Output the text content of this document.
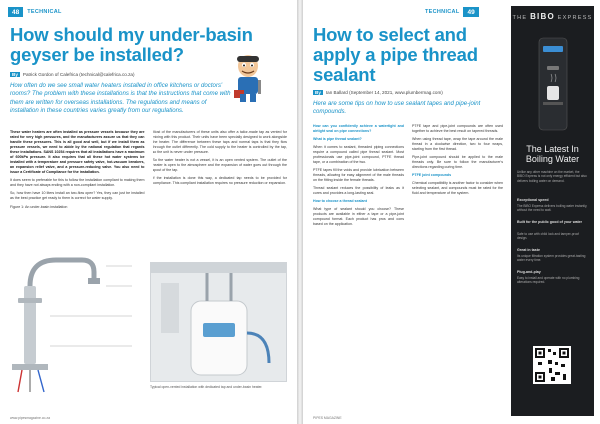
48	TECHNICAL
How should my under-basin
geyser be installed?
By	Patrick Gordon of Calefrica (technical@calefrica.co.za)
How often do we see small water heaters installed in office kitchens or doctors' rooms? The problem with these installations is that the instructions that come with them are written for overseas installations. The regulations and means of installation in these countries varies greatly from our regulations.

These water heaters are often installed as pressure vessels because they are rated for very high pressures, and the manufacturers assure us that they can handle these pressures. This is all good and well, but if we install them as pressure vessels, we need to abide by the national regulation that regards these installations. SANS 10254 requires that all installations have a maximum of 600kPa pressure. It also requires that all these hot water systems be installed with a temperature and pressure safety valve, hot-vacuum breakers, an expansion relief valve, and a pressure-reducing valve. You also need to issue a Certificate of Compliance for the installation.

It does seem to preferable for this to follow the installation compliant to making them and they have not always ending with a non-compliant installation.

So, how then have 10 liters install an two-flow open? Yes, they can just be installed as the best practice get ready to them is correct for water supply.

Figure 1: An under-basin installation

Most of the manufacturers of these units also offer a tailor-made tap as vented for mixing with this product. Their units have been specially designed to work alongside the heater. The difference between these taps and normal taps is that they flow through the outlet differently. The cold supply to the heater is controlled by the tap, so the unit is never under pressure.

So the water heater is not a vessel, it is an open vented system. The outlet of the heater is open to the atmosphere and the expansion of water goes out through the spout of the tap.

If the installation is done this way, a dedicated tap needs to be provided for compliance. This compliant installation requires no pressure reduction or expansion.

Typical open-vented installation with dedicated tap and under-basin heater.
www.pipesmagazine.co.za
TECHNICAL	49
How to select and
apply a pipe thread
sealant
By	Ian Ballard (September 14, 2021, www.plumbermag.com)
Here are some tips on how to use sealant tapes and pipe-joint compounds.

How can you confidently achieve a watertight and airtight seal on pipe connections?

What is pipe thread sealant?

When it comes to sealant, threaded piping connections require a compound called pipe thread sealant. Most professionals use pipe-joint compound, PTFE thread tape, or a combination of the two.

PTFE tapes fill the voids and provide lubrication between threads, allowing for easy alignment of the male threads on the fitting inside the female threads.

Thread sealant reduces the possibility of leaks as it cures and provides a long-lasting seal.

How to choose a thread sealant

What type of sealant should you choose? These products are available in either a tape or a pipe-joint compound format. Each product has pros and cons based on the application.

PTFE tape and pipe-joint compounds are often used together to achieve the best result on tapered threads.

When using thread tape, wrap the tape around the male thread in a clockwise direction, two to four wraps, starting from the first thread.

Pipe-joint compound should be applied to the male threads only. Be sure to follow the manufacturer's directions regarding curing time.

PTFE joint compounds

Chemical compatibility is another factor to consider when selecting sealant, and compounds must be rated for the fluid and temperature of the system.

PIPES MAGAZINE
THE BIBO EXPRESS
The Latest In
Boiling Water
Unlike any other machine on the market, the BIBO Express is not only energy efficient but also delivers boiling water on demand.
Exceptional speed
The BIBO Express delivers boiling water instantly, without the need to wait.
Built for the public good of your water
Safe to use with child lock and tamper-proof design.
Great in taste
Its unique filtration system provides great-tasting water every time.
Plug-and-play
Easy to install and operate with no plumbing alterations required.
